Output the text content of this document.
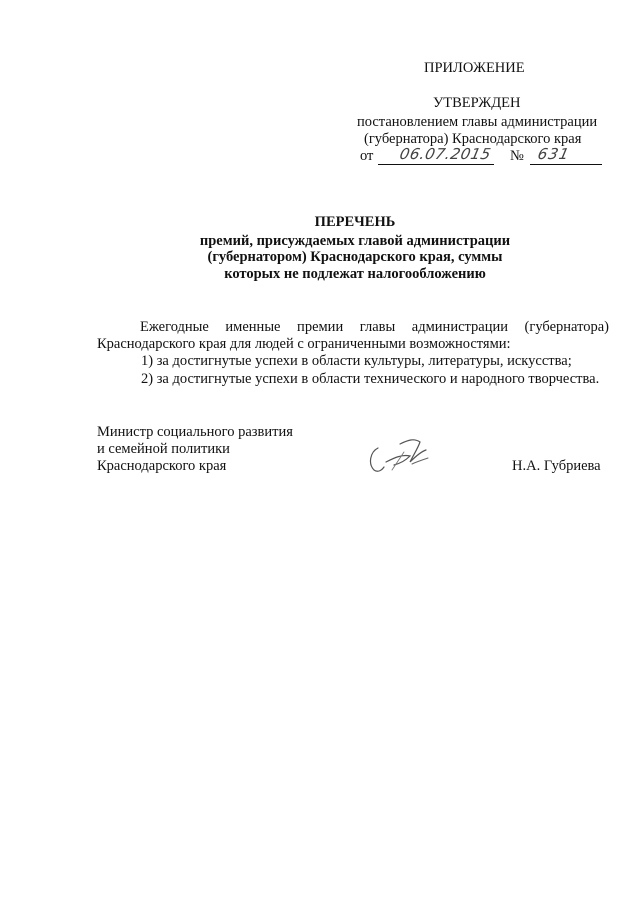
ПРИЛОЖЕНИЕ
УТВЕРЖДЕН
постановлением главы администрации
(губернатора) Краснодарского края
от 06.07.2015 № 631
ПЕРЕЧЕНЬ
премий, присуждаемых главой администрации
(губернатором) Краснодарского края, суммы
которых не подлежат налогообложению
Ежегодные именные премии главы администрации (губернатора) Краснодарского края для людей с ограниченными возможностями:
1) за достигнутые успехи в области культуры, литературы, искусства;
2) за достигнутые успехи в области технического и народного творчества.
Министр социального развития
и семейной политики
Краснодарского края	Н.А. Губриева
